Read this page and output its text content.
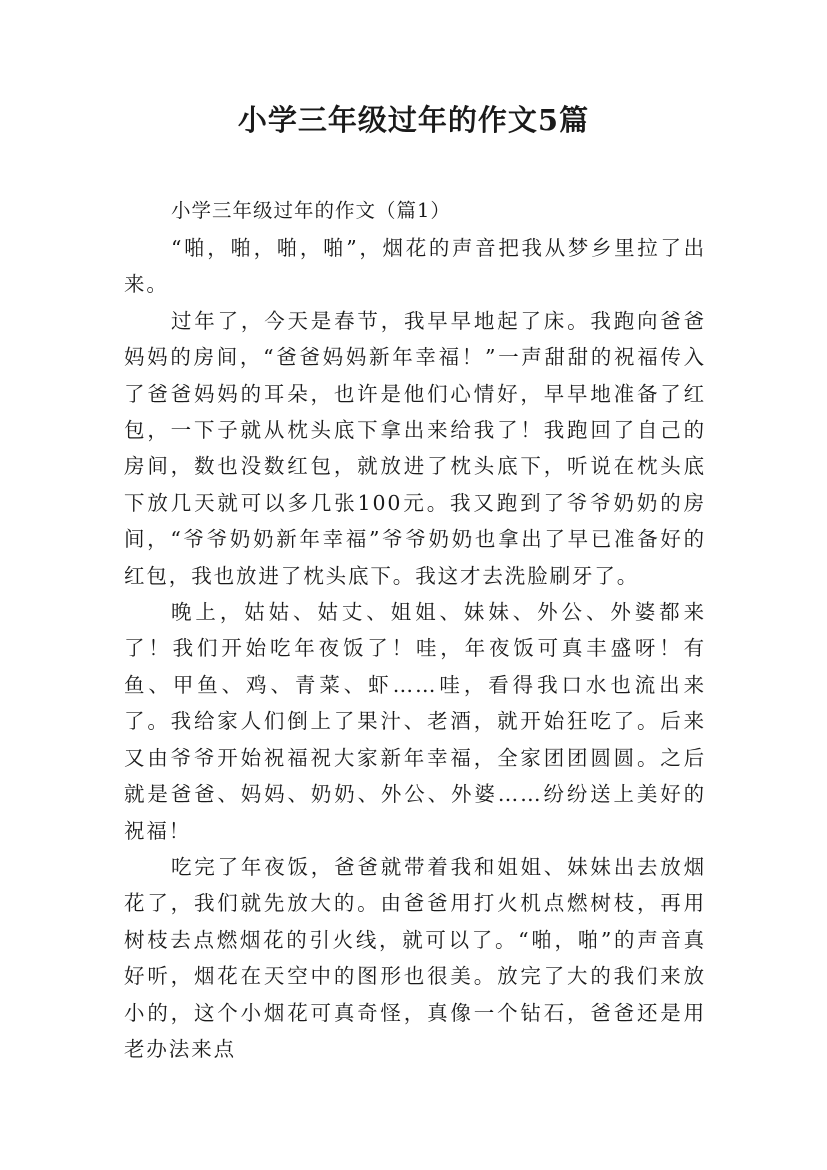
小学三年级过年的作文5篇

小学三年级过年的作文（篇1）

“啪，啪，啪，啪”，烟花的声音把我从梦乡里拉了出来。

过年了，今天是春节，我早早地起了床。我跑向爸爸妈妈的房间，“爸爸妈妈新年幸福！”一声甜甜的祝福传入了爸爸妈妈的耳朵，也许是他们心情好，早早地准备了红包，一下子就从枕头底下拿出来给我了！我跑回了自己的房间，数也没数红包，就放进了枕头底下，听说在枕头底下放几天就可以多几张100元。我又跑到了爷爷奶奶的房间，“爷爷奶奶新年幸福”爷爷奶奶也拿出了早已准备好的红包，我也放进了枕头底下。我这才去洗脸刷牙了。

晚上，姑姑、姑丈、姐姐、妹妹、外公、外婆都来了！我们开始吃年夜饭了！哇，年夜饭可真丰盛呀！有鱼、甲鱼、鸡、青菜、虾……哇，看得我口水也流出来了。我给家人们倒上了果汁、老酒，就开始狂吃了。后来又由爷爷开始祝福祝大家新年幸福，全家团团圆圆。之后就是爸爸、妈妈、奶奶、外公、外婆……纷纷送上美好的祝福！

吃完了年夜饭，爸爸就带着我和姐姐、妹妹出去放烟花了，我们就先放大的。由爸爸用打火机点燃树枝，再用树枝去点燃烟花的引火线，就可以了。“啪，啪”的声音真好听，烟花在天空中的图形也很美。放完了大的我们来放小的，这个小烟花可真奇怪，真像一个钻石，爸爸还是用老办法来点
